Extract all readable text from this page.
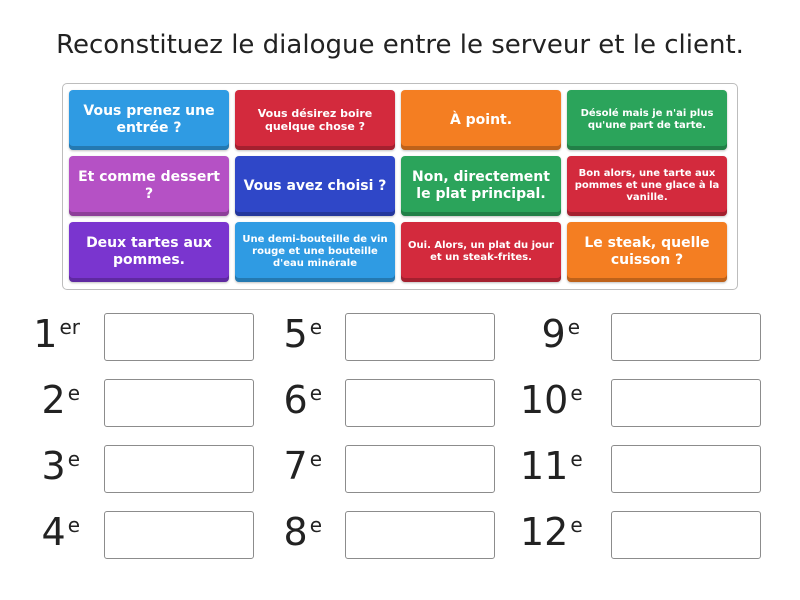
Reconstituez le dialogue entre le serveur et le client.
Vous prenez une entrée ?
Vous désirez boire quelque chose ?	À point.	Désolé mais je n'ai plus qu'une part de tarte.
Et comme dessert ?
Vous avez choisi ?
Non, directement le plat principal.
Bon alors, une tarte aux pommes et une glace à la vanille.
Deux tartes aux pommes.
Une demi-bouteille de vin rouge et une bouteille d'eau minérale
Oui. Alors, un plat du jour et un steak-frites.
Le steak, quelle cuisson ?
1 $^{er}$
2 $^e$
3 $^e$
4 $^e$
5 $^e$
6 $^e$
7 $^e$
8 $^e$
9 $^e$
10 $^e$
11 $^e$
12 $^e$
